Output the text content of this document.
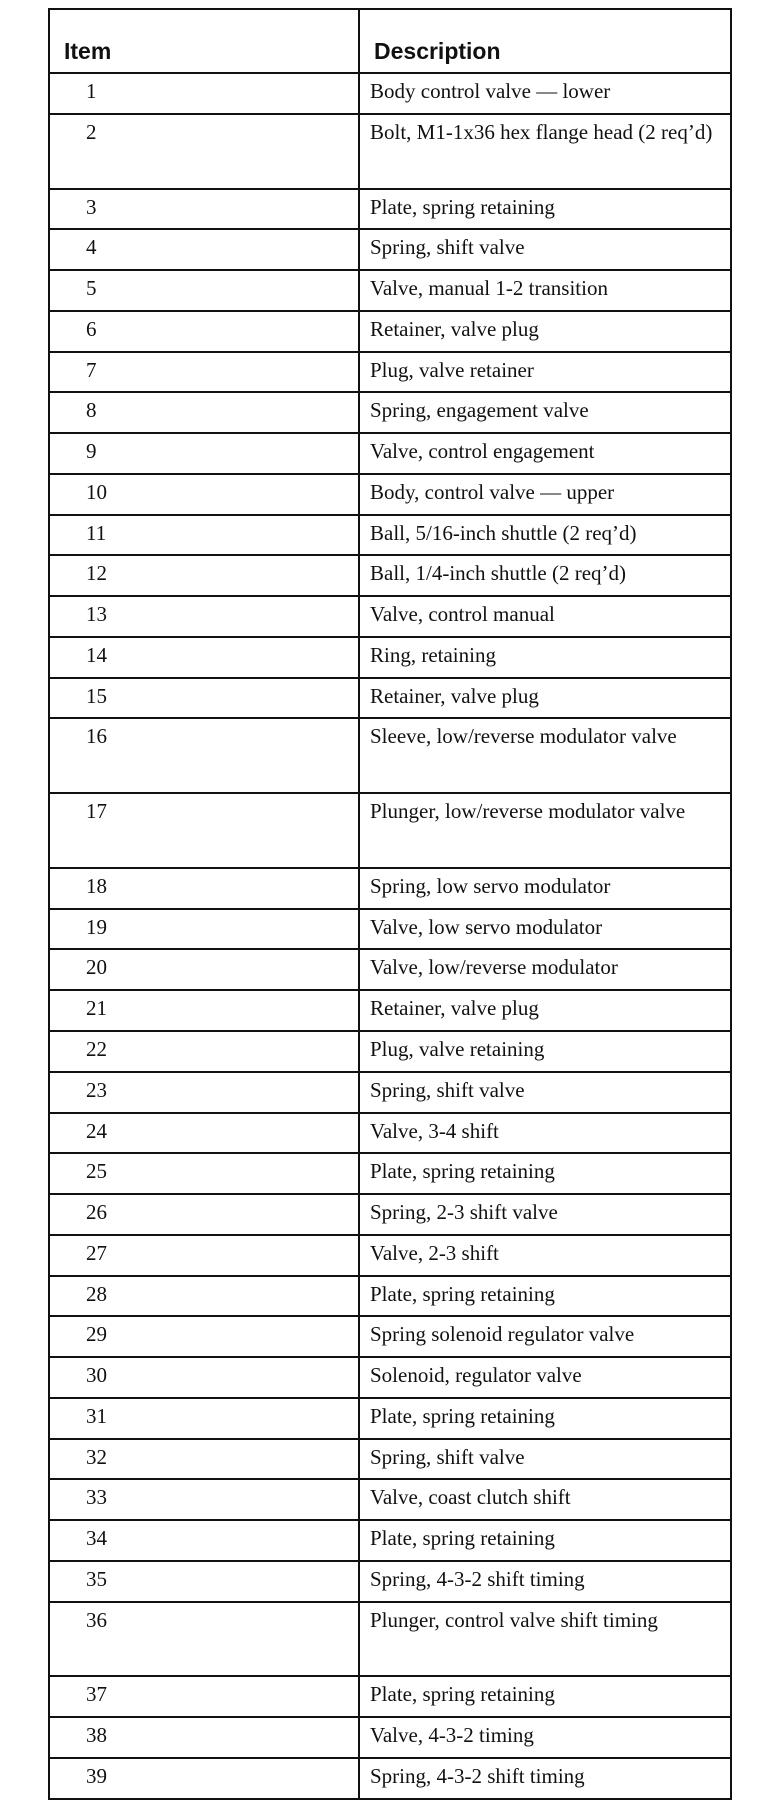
Item	Description
1	Body control valve — lower
2	Bolt, M1-1x36 hex flange head (2 req’d)
3	Plate, spring retaining
4	Spring, shift valve
5	Valve, manual 1-2 transition
6	Retainer, valve plug
7	Plug, valve retainer
8	Spring, engagement valve
9	Valve, control engagement
10	Body, control valve — upper
11	Ball, 5/16-inch shuttle (2 req’d)
12	Ball, 1/4-inch shuttle (2 req’d)
13	Valve, control manual
14	Ring, retaining
15	Retainer, valve plug
16	Sleeve, low/reverse modulator valve
17	Plunger, low/reverse modulator valve
18	Spring, low servo modulator
19	Valve, low servo modulator
20	Valve, low/reverse modulator
21	Retainer, valve plug
22	Plug, valve retaining
23	Spring, shift valve
24	Valve, 3-4 shift
25	Plate, spring retaining
26	Spring, 2-3 shift valve
27	Valve, 2-3 shift
28	Plate, spring retaining
29	Spring solenoid regulator valve
30	Solenoid, regulator valve
31	Plate, spring retaining
32	Spring, shift valve
33	Valve, coast clutch shift
34	Plate, spring retaining
35	Spring, 4-3-2 shift timing
36	Plunger, control valve shift timing
37	Plate, spring retaining
38	Valve, 4-3-2 timing
39	Spring, 4-3-2 shift timing
